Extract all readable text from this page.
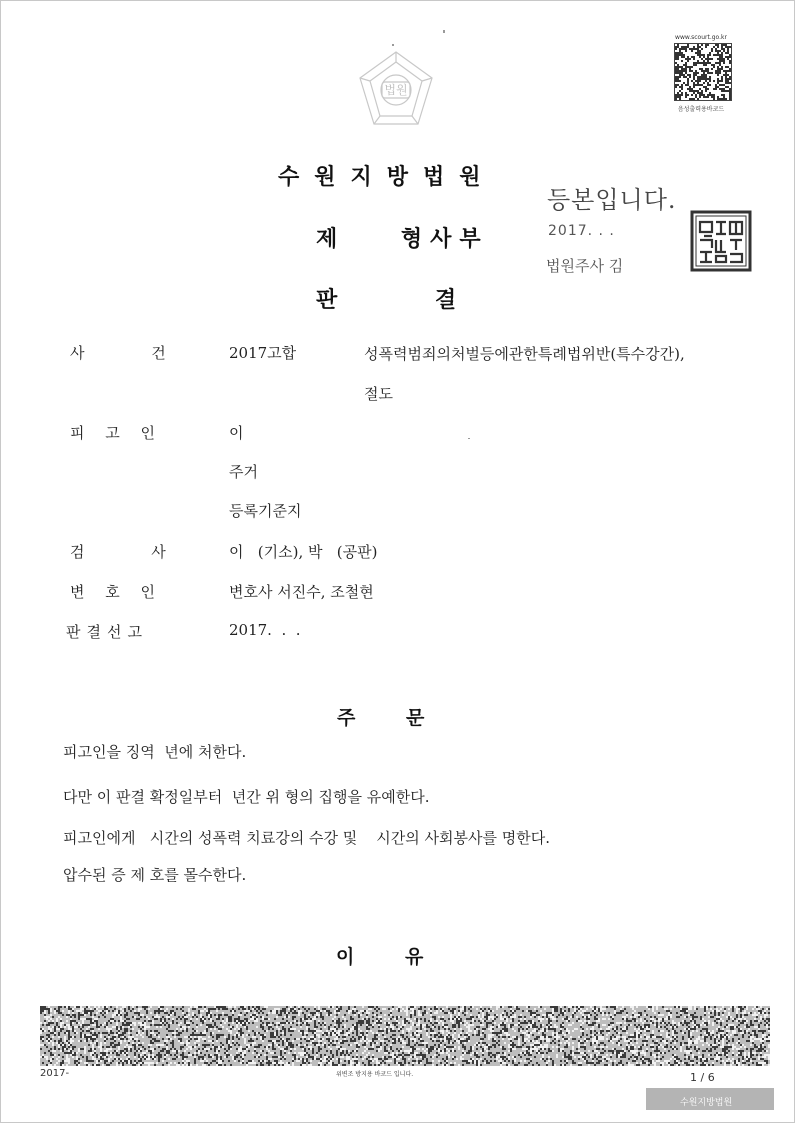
법원
www.scourt.go.kr
음성출력용바코드
수원지방법원
제 형사부
판 결
등본입니다.
2017. . .
법원주사 김
사 건	2017고합	성폭력범죄의처벌등에관한특례법위반(특수강간),
절도
피 고 인	이
주거
등록기준지
검 사	이   (기소), 박   (공판)
변 호 인	변호사 서진수, 조철현
판결선고	2017.  .  .
주 문
피고인을 징역  년에 처한다.
다만 이 판결 확정일부터  년간 위 형의 집행을 유예한다.
피고인에게   시간의 성폭력 치료강의 수강 및    시간의 사회봉사를 명한다.
압수된 증 제 호를 몰수한다.
이 유
2017-	위변조 방지용 바코드 입니다.	1 / 6
수원지방법원
